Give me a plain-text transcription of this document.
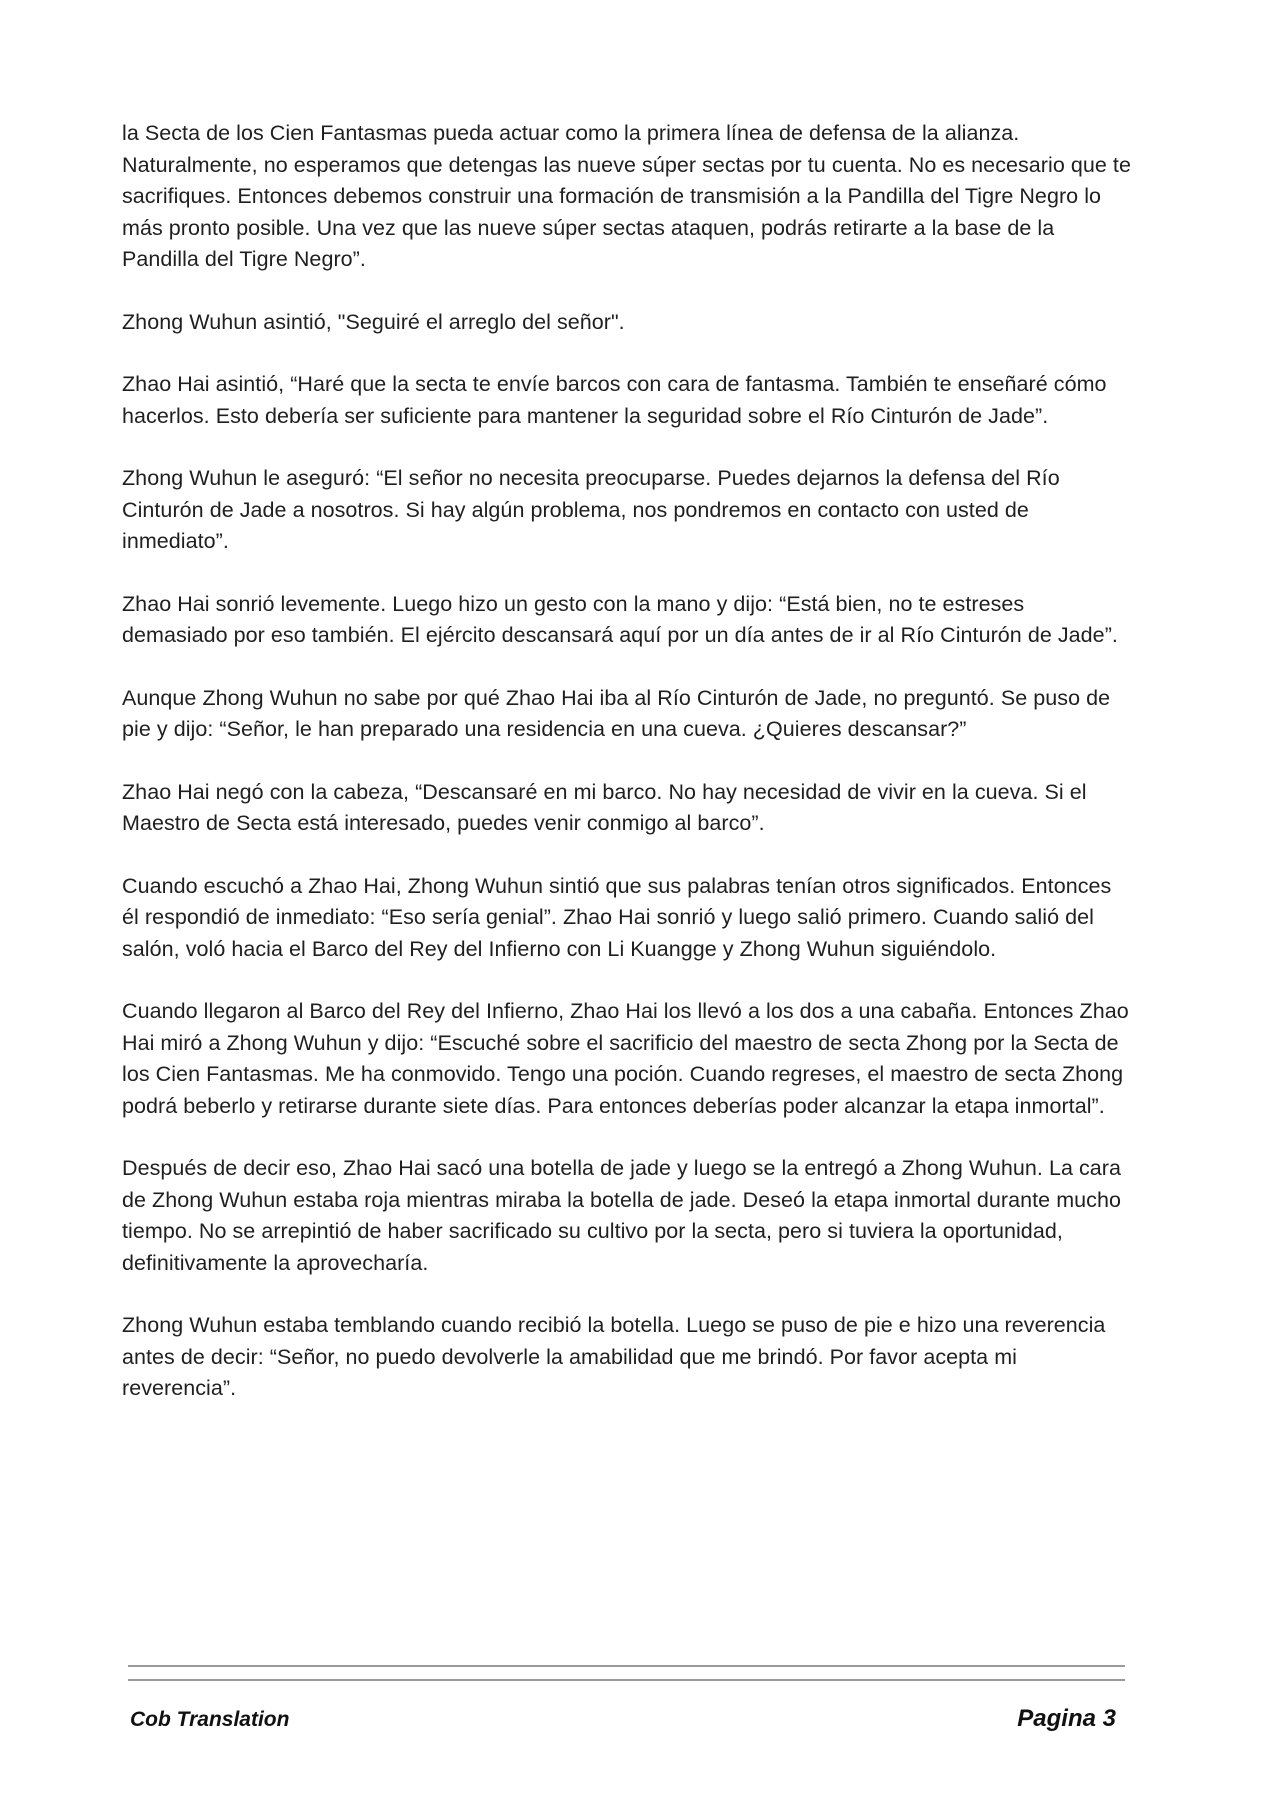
la Secta de los Cien Fantasmas pueda actuar como la primera línea de defensa de la alianza. Naturalmente, no esperamos que detengas las nueve súper sectas por tu cuenta. No es necesario que te sacrifiques. Entonces debemos construir una formación de transmisión a la Pandilla del Tigre Negro lo más pronto posible. Una vez que las nueve súper sectas ataquen, podrás retirarte a la base de la Pandilla del Tigre Negro”.

Zhong Wuhun asintió, "Seguiré el arreglo del señor".

Zhao Hai asintió, “Haré que la secta te envíe barcos con cara de fantasma. También te enseñaré cómo hacerlos. Esto debería ser suficiente para mantener la seguridad sobre el Río Cinturón de Jade”.

Zhong Wuhun le aseguró: “El señor no necesita preocuparse. Puedes dejarnos la defensa del Río Cinturón de Jade a nosotros. Si hay algún problema, nos pondremos en contacto con usted de inmediato”.

Zhao Hai sonrió levemente. Luego hizo un gesto con la mano y dijo: “Está bien, no te estreses demasiado por eso también. El ejército descansará aquí por un día antes de ir al Río Cinturón de Jade”.

Aunque Zhong Wuhun no sabe por qué Zhao Hai iba al Río Cinturón de Jade, no preguntó. Se puso de pie y dijo: “Señor, le han preparado una residencia en una cueva. ¿Quieres descansar?”

Zhao Hai negó con la cabeza, “Descansaré en mi barco. No hay necesidad de vivir en la cueva. Si el Maestro de Secta está interesado, puedes venir conmigo al barco”.

Cuando escuchó a Zhao Hai, Zhong Wuhun sintió que sus palabras tenían otros significados. Entonces él respondió de inmediato: “Eso sería genial”. Zhao Hai sonrió y luego salió primero. Cuando salió del salón, voló hacia el Barco del Rey del Infierno con Li Kuangge y Zhong Wuhun siguiéndolo.

Cuando llegaron al Barco del Rey del Infierno, Zhao Hai los llevó a los dos a una cabaña. Entonces Zhao Hai miró a Zhong Wuhun y dijo: “Escuché sobre el sacrificio del maestro de secta Zhong por la Secta de los Cien Fantasmas. Me ha conmovido. Tengo una poción. Cuando regreses, el maestro de secta Zhong podrá beberlo y retirarse durante siete días. Para entonces deberías poder alcanzar la etapa inmortal”.

Después de decir eso, Zhao Hai sacó una botella de jade y luego se la entregó a Zhong Wuhun. La cara de Zhong Wuhun estaba roja mientras miraba la botella de jade. Deseó la etapa inmortal durante mucho tiempo. No se arrepintió de haber sacrificado su cultivo por la secta, pero si tuviera la oportunidad, definitivamente la aprovecharía.

Zhong Wuhun estaba temblando cuando recibió la botella. Luego se puso de pie e hizo una reverencia antes de decir: “Señor, no puedo devolverle la amabilidad que me brindó. Por favor acepta mi reverencia”.

Cob Translation	Pagina 3
